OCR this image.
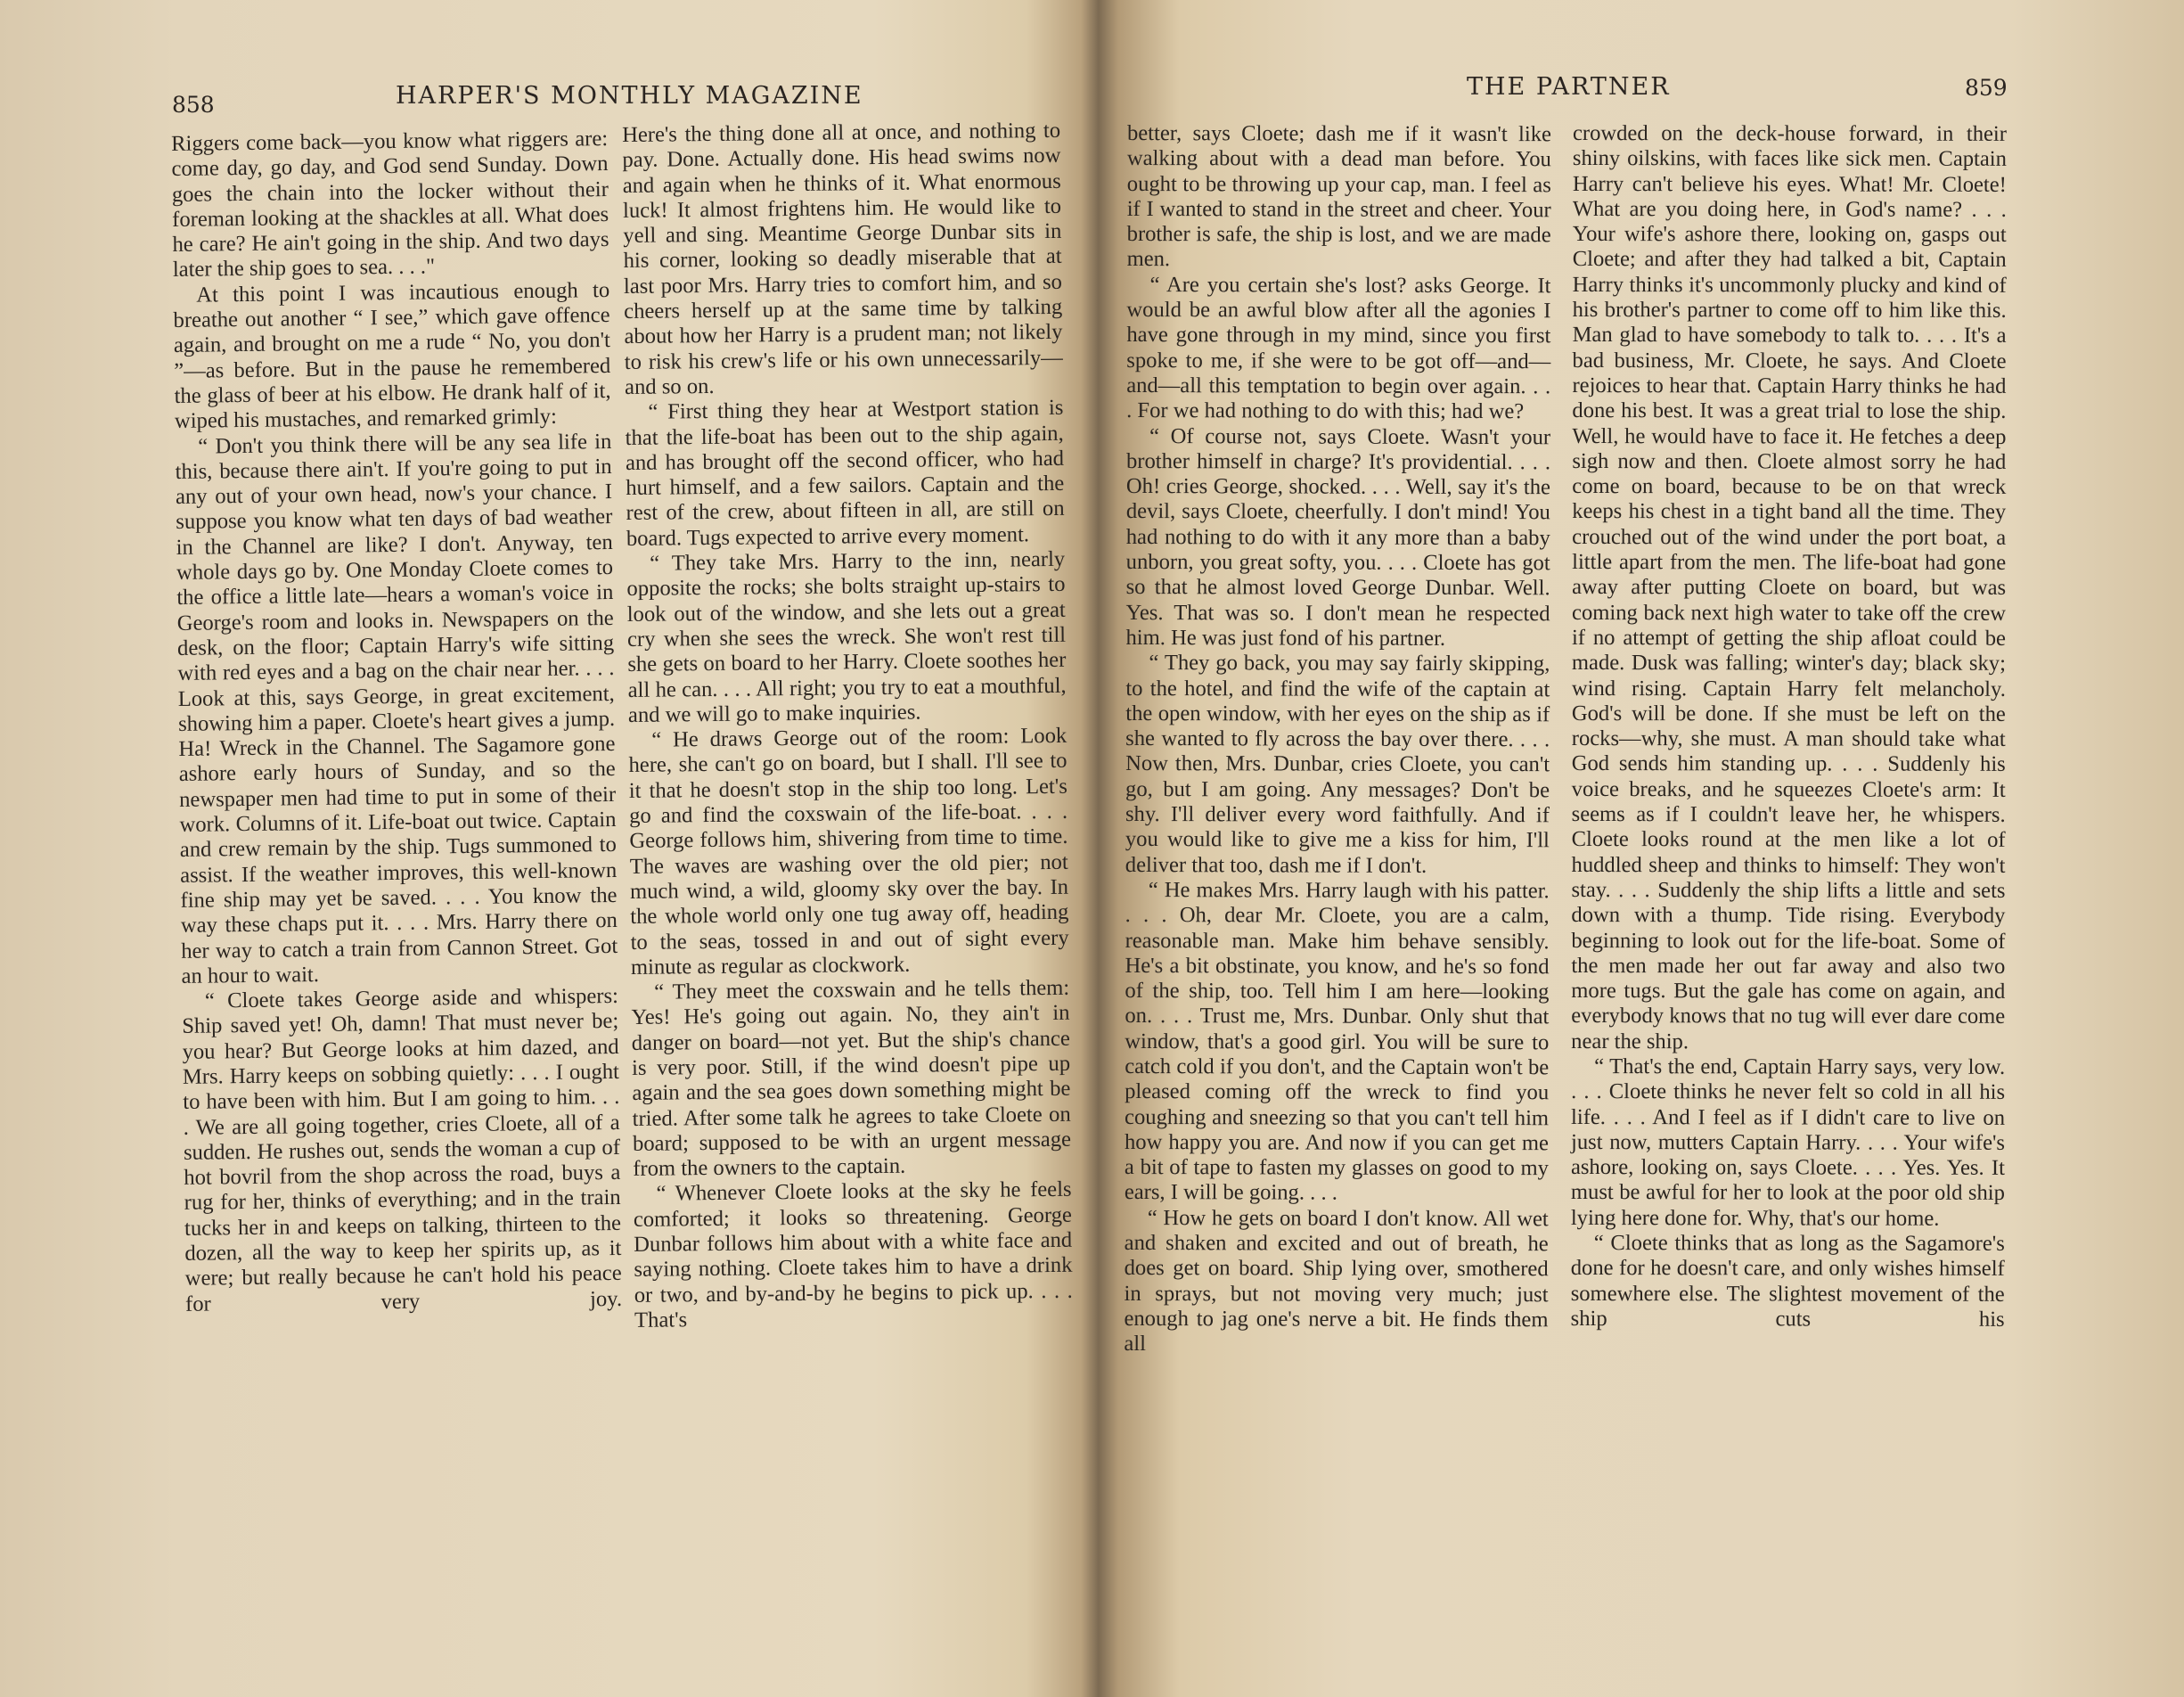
858	HARPER'S MONTHLY MAGAZINE	THE PARTNER	859

Riggers come back—you know what riggers are: come day, go day, and God send Sunday. Down goes the chain into the locker without their foreman looking at the shackles at all. What does he care? He ain't going in the ship. And two days later the ship goes to sea. . . ."

At this point I was incautious enough to breathe out another “ I see,” which gave offence again, and brought on me a rude “ No, you don't ”—as before. But in the pause he remembered the glass of beer at his elbow. He drank half of it, wiped his mustaches, and remarked grimly:

“ Don't you think there will be any sea life in this, because there ain't. If you're going to put in any out of your own head, now's your chance. I suppose you know what ten days of bad weather in the Channel are like? I don't. Anyway, ten whole days go by. One Monday Cloete comes to the office a little late—hears a woman's voice in George's room and looks in. Newspapers on the desk, on the floor; Captain Harry's wife sitting with red eyes and a bag on the chair near her. . . . Look at this, says George, in great excitement, showing him a paper. Cloete's heart gives a jump. Ha! Wreck in the Channel. The Sagamore gone ashore early hours of Sunday, and so the newspaper men had time to put in some of their work. Columns of it. Life-boat out twice. Captain and crew remain by the ship. Tugs summoned to assist. If the weather improves, this well-known fine ship may yet be saved. . . . You know the way these chaps put it. . . . Mrs. Harry there on her way to catch a train from Cannon Street. Got an hour to wait.

“ Cloete takes George aside and whispers: Ship saved yet! Oh, damn! That must never be; you hear? But George looks at him dazed, and Mrs. Harry keeps on sobbing quietly: . . . I ought to have been with him. But I am going to him. . . . We are all going together, cries Cloete, all of a sudden. He rushes out, sends the woman a cup of hot bovril from the shop across the road, buys a rug for her, thinks of everything; and in the train tucks her in and keeps on talking, thirteen to the dozen, all the way to keep her spirits up, as it were; but really because he can't hold his peace for very joy.

Here's the thing done all at once, and nothing to pay. Done. Actually done. His head swims now and again when he thinks of it. What enormous luck! It almost frightens him. He would like to yell and sing. Meantime George Dunbar sits in his corner, looking so deadly miserable that at last poor Mrs. Harry tries to comfort him, and so cheers herself up at the same time by talking about how her Harry is a prudent man; not likely to risk his crew's life or his own unnecessarily—and so on.

“ First thing they hear at Westport station is that the life-boat has been out to the ship again, and has brought off the second officer, who had hurt himself, and a few sailors. Captain and the rest of the crew, about fifteen in all, are still on board. Tugs expected to arrive every moment.

“ They take Mrs. Harry to the inn, nearly opposite the rocks; she bolts straight up-stairs to look out of the window, and she lets out a great cry when she sees the wreck. She won't rest till she gets on board to her Harry. Cloete soothes her all he can. . . . All right; you try to eat a mouthful, and we will go to make inquiries.

“ He draws George out of the room: Look here, she can't go on board, but I shall. I'll see to it that he doesn't stop in the ship too long. Let's go and find the coxswain of the life-boat. . . . George follows him, shivering from time to time. The waves are washing over the old pier; not much wind, a wild, gloomy sky over the bay. In the whole world only one tug away off, heading to the seas, tossed in and out of sight every minute as regular as clockwork.

“ They meet the coxswain and he tells them: Yes! He's going out again. No, they ain't in danger on board—not yet. But the ship's chance is very poor. Still, if the wind doesn't pipe up again and the sea goes down something might be tried. After some talk he agrees to take Cloete on board; supposed to be with an urgent message from the owners to the captain.

“ Whenever Cloete looks at the sky he feels comforted; it looks so threatening. George Dunbar follows him about with a white face and saying nothing. Cloete takes him to have a drink or two, and by-and-by he begins to pick up. . . . That's

better, says Cloete; dash me if it wasn't like walking about with a dead man before. You ought to be throwing up your cap, man. I feel as if I wanted to stand in the street and cheer. Your brother is safe, the ship is lost, and we are made men.

“ Are you certain she's lost? asks George. It would be an awful blow after all the agonies I have gone through in my mind, since you first spoke to me, if she were to be got off—and—and—all this temptation to begin over again. . . . For we had nothing to do with this; had we?

“ Of course not, says Cloete. Wasn't your brother himself in charge? It's providential. . . . Oh! cries George, shocked. . . . Well, say it's the devil, says Cloete, cheerfully. I don't mind! You had nothing to do with it any more than a baby unborn, you great softy, you. . . . Cloete has got so that he almost loved George Dunbar. Well. Yes. That was so. I don't mean he respected him. He was just fond of his partner.

“ They go back, you may say fairly skipping, to the hotel, and find the wife of the captain at the open window, with her eyes on the ship as if she wanted to fly across the bay over there. . . . Now then, Mrs. Dunbar, cries Cloete, you can't go, but I am going. Any messages? Don't be shy. I'll deliver every word faithfully. And if you would like to give me a kiss for him, I'll deliver that too, dash me if I don't.

“ He makes Mrs. Harry laugh with his patter. . . . Oh, dear Mr. Cloete, you are a calm, reasonable man. Make him behave sensibly. He's a bit obstinate, you know, and he's so fond of the ship, too. Tell him I am here—looking on. . . . Trust me, Mrs. Dunbar. Only shut that window, that's a good girl. You will be sure to catch cold if you don't, and the Captain won't be pleased coming off the wreck to find you coughing and sneezing so that you can't tell him how happy you are. And now if you can get me a bit of tape to fasten my glasses on good to my ears, I will be going. . . .

“ How he gets on board I don't know. All wet and shaken and excited and out of breath, he does get on board. Ship lying over, smothered in sprays, but not moving very much; just enough to jag one's nerve a bit. He finds them all

crowded on the deck-house forward, in their shiny oilskins, with faces like sick men. Captain Harry can't believe his eyes. What! Mr. Cloete! What are you doing here, in God's name? . . . Your wife's ashore there, looking on, gasps out Cloete; and after they had talked a bit, Captain Harry thinks it's uncommonly plucky and kind of his brother's partner to come off to him like this. Man glad to have somebody to talk to. . . . It's a bad business, Mr. Cloete, he says. And Cloete rejoices to hear that. Captain Harry thinks he had done his best. It was a great trial to lose the ship. Well, he would have to face it. He fetches a deep sigh now and then. Cloete almost sorry he had come on board, because to be on that wreck keeps his chest in a tight band all the time. They crouched out of the wind under the port boat, a little apart from the men. The life-boat had gone away after putting Cloete on board, but was coming back next high water to take off the crew if no attempt of getting the ship afloat could be made. Dusk was falling; winter's day; black sky; wind rising. Captain Harry felt melancholy. God's will be done. If she must be left on the rocks—why, she must. A man should take what God sends him standing up. . . . Suddenly his voice breaks, and he squeezes Cloete's arm: It seems as if I couldn't leave her, he whispers. Cloete looks round at the men like a lot of huddled sheep and thinks to himself: They won't stay. . . . Suddenly the ship lifts a little and sets down with a thump. Tide rising. Everybody beginning to look out for the life-boat. Some of the men made her out far away and also two more tugs. But the gale has come on again, and everybody knows that no tug will ever dare come near the ship.

“ That's the end, Captain Harry says, very low. . . . Cloete thinks he never felt so cold in all his life. . . . And I feel as if I didn't care to live on just now, mutters Captain Harry. . . . Your wife's ashore, looking on, says Cloete. . . . Yes. Yes. It must be awful for her to look at the poor old ship lying here done for. Why, that's our home.

“ Cloete thinks that as long as the Sagamore's done for he doesn't care, and only wishes himself somewhere else. The slightest movement of the ship cuts his
